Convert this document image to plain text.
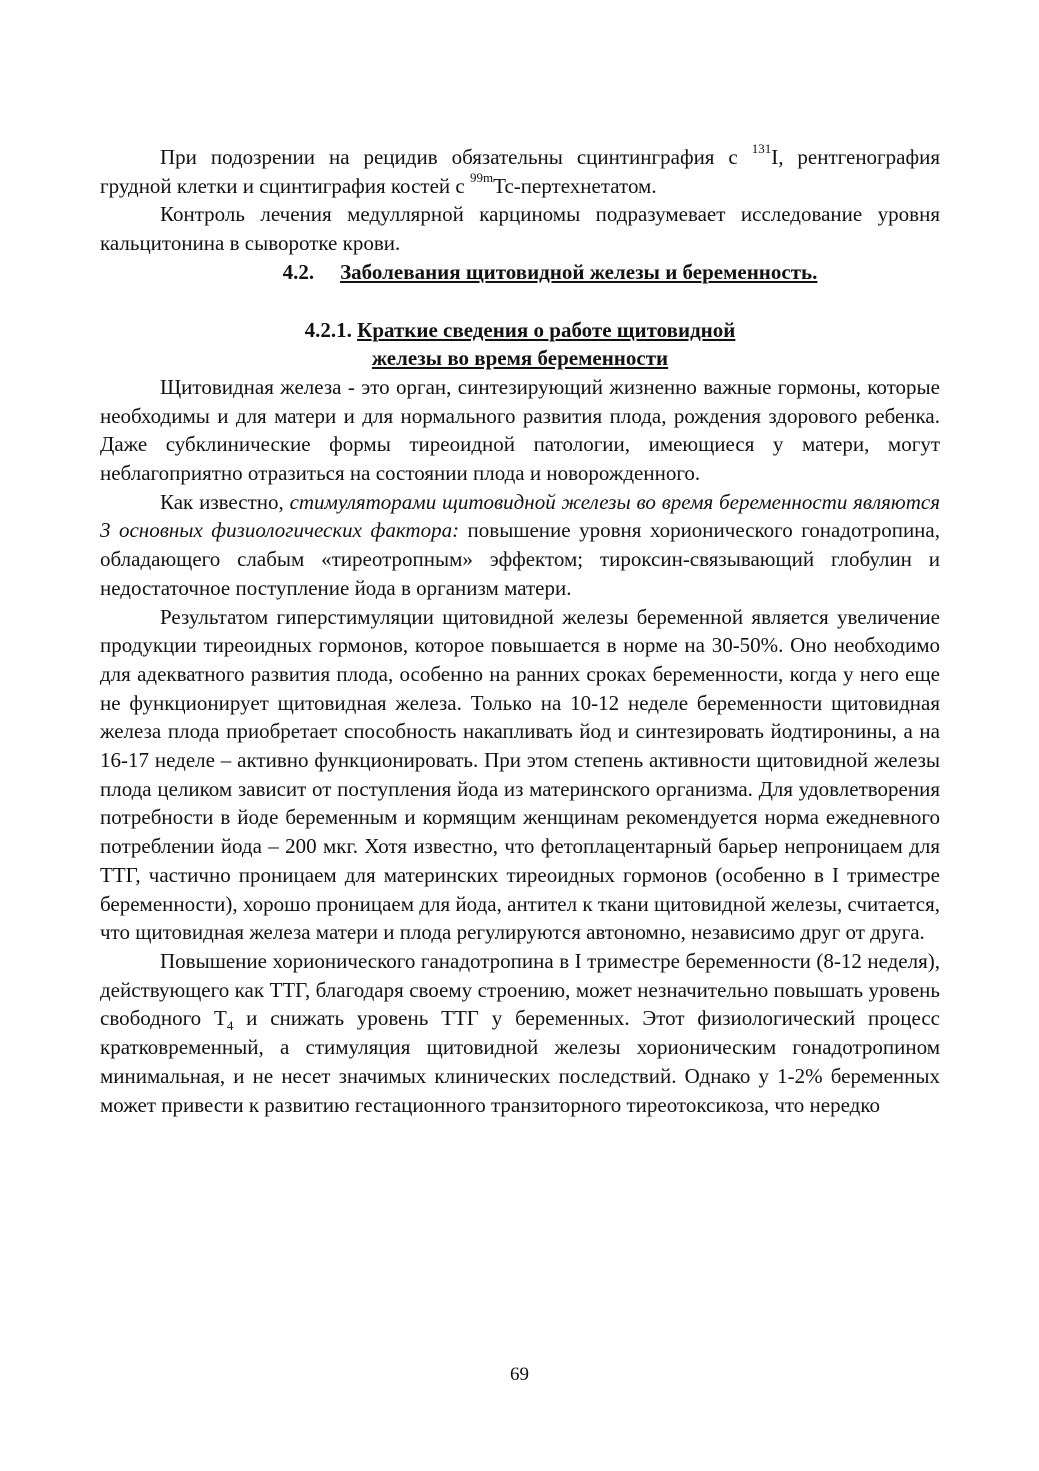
При подозрении на рецидив обязательны сцинтинграфия с $^{131}$I, рентгенография грудной клетки и сцинтиграфия костей с $^{99m}$Tc-пертехнетатом.

Контроль лечения медуллярной карциномы подразумевает исследование уровня кальцитонина в сыворотке крови.

4.2. Заболевания щитовидной железы и беременность.
4.2.1. Краткие сведения о работе щитовидной
железы во время беременности

Щитовидная железа - это орган, синтезирующий жизненно важные гормоны, которые необходимы и для матери и для нормального развития плода, рождения здорового ребенка. Даже субклинические формы тиреоидной патологии, имеющиеся у матери, могут неблагоприятно отразиться на состоянии плода и новорожденного.

Как известно, стимуляторами щитовидной железы во время беременности являются 3 основных физиологических фактора: повышение уровня хорионического гонадотропина, обладающего слабым «тиреотропным» эффектом; тироксин-связывающий глобулин и недостаточное поступление йода в организм матери.

Результатом гиперстимуляции щитовидной железы беременной является увеличение продукции тиреоидных гормонов, которое повышается в норме на 30-50%. Оно необходимо для адекватного развития плода, особенно на ранних сроках беременности, когда у него еще не функционирует щитовидная железа. Только на 10-12 неделе беременности щитовидная железа плода приобретает способность накапливать йод и синтезировать йодтиронины, а на 16-17 неделе – активно функционировать. При этом степень активности щитовидной железы плода целиком зависит от поступления йода из материнского организма. Для удовлетворения потребности в йоде беременным и кормящим женщинам рекомендуется норма ежедневного потреблении йода – 200 мкг. Хотя известно, что фетоплацентарный барьер непроницаем для ТТГ, частично проницаем для материнских тиреоидных гормонов (особенно в I триместре беременности), хорошо проницаем для йода, антител к ткани щитовидной железы, считается, что щитовидная железа матери и плода регулируются автономно, независимо друг от друга.

Повышение хорионического ганадотропина в I триместре беременности (8-12 неделя), действующего как ТТГ, благодаря своему строению, может незначительно повышать уровень свободного $Т_4$ и снижать уровень ТТГ у беременных. Этот физиологический процесс кратковременный, а стимуляция щитовидной железы хорионическим гонадотропином минимальная, и не несет значимых клинических последствий. Однако у 1-2% беременных может привести к развитию гестационного транзиторного тиреотоксикоза, что нередко

69
